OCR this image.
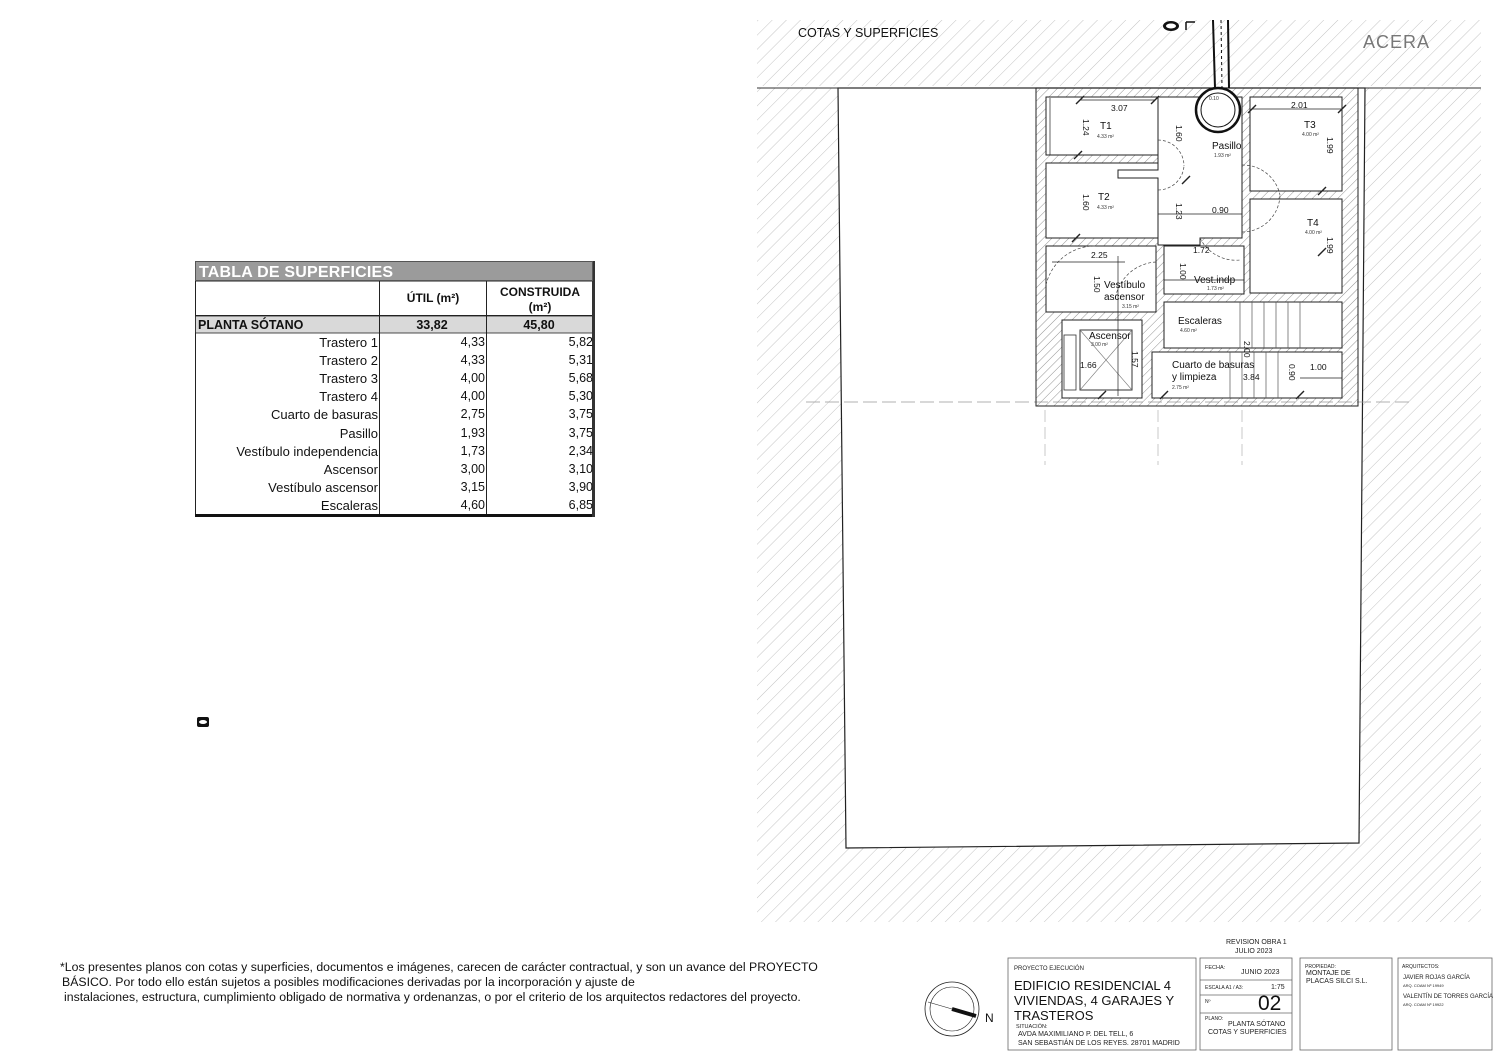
COTAS Y SUPERFICIES	ACERA
T1
4.33 m²
T2
4.33 m²
T3
4.00 m²
T4
4.00 m²
Pasillo
1.93 m²
Vestíbulo
ascensor
3.15 m²
Vest.indp
1.73 m²
Ascensor
3.00 m²
Escaleras
4.60 m²
Cuarto de basuras
y limpieza
2.75 m²
3.07	2.01
1.24	1.60
1.99
1.60
1.23	0.90
1.99
2.25
1.50
1.00
1.72
1.57
1.66
2.00
3.84
1.00
0.90
0.10
N
TABLA DE SUPERFICIES
ÚTIL (m²)	CONSTRUIDA
(m²)
PLANTA SÓTANO	33,82	45,80
Trastero 1	4,33	5,82
Trastero 2	4,33	5,31
Trastero 3	4,00	5,68
Trastero 4	4,00	5,30
Cuarto de basuras	2,75	3,75
Pasillo	1,93	3,75
Vestíbulo independencia	1,73	2,34
Ascensor	3,00	3,10
Vestíbulo ascensor	3,15	3,90
Escaleras	4,60	6,85
*Los presentes planos con cotas y superficies, documentos e imágenes, carecen de carácter contractual, y son un avance del PROYECTO
BÁSICO. Por todo ello están sujetos a posibles modificaciones derivadas por la incorporación y ajuste de
instalaciones, estructura, cumplimiento obligado de normativa y ordenanzas, o por el criterio de los arquitectos redactores del proyecto.
REVISION OBRA 1
JULIO 2023
PROYECTO EJECUCIÓN
EDIFICIO RESIDENCIAL 4
VIVIENDAS, 4 GARAJES Y
TRASTEROS
SITUACIÓN:
AVDA MAXIMILIANO P. DEL TELL, 6
SAN SEBASTIÁN DE LOS REYES. 28701 MADRID
FECHA:
JUNIO 2023
ESCALA A1 / A3:	1:75
Nº 02
PLANO:
PLANTA SÓTANO
COTAS Y SUPERFICIES
PROPIEDAD:
MONTAJE DE
PLACAS SILCI S.L.
ARQUITECTOS:
JAVIER ROJAS GARCÍA
ARQ. COAM Nº 19949
VALENTÍN DE TORRES GARCÍA
ARQ. COAM Nº 19922
